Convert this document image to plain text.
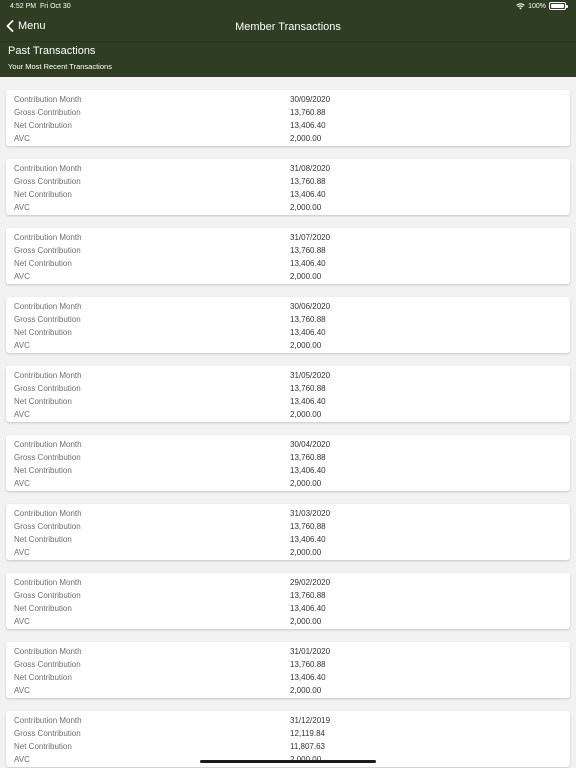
4:52 PM Fri Oct 30	100%
Menu	Member Transactions
Past Transactions
Your Most Recent Transactions
Contribution Month	30/09/2020
Gross Contribution	13,760.88
Net Contribution	13,406.40
AVC	2,000.00
Contribution Month	31/08/2020
Gross Contribution	13,760.88
Net Contribution	13,406.40
AVC	2,000.00
Contribution Month	31/07/2020
Gross Contribution	13,760.88
Net Contribution	13,406.40
AVC	2,000.00
Contribution Month	30/06/2020
Gross Contribution	13,760.88
Net Contribution	13,406.40
AVC	2,000.00
Contribution Month	31/05/2020
Gross Contribution	13,760.88
Net Contribution	13,406.40
AVC	2,000.00
Contribution Month	30/04/2020
Gross Contribution	13,760.88
Net Contribution	13,406.40
AVC	2,000.00
Contribution Month	31/03/2020
Gross Contribution	13,760.88
Net Contribution	13,406.40
AVC	2,000.00
Contribution Month	29/02/2020
Gross Contribution	13,760.88
Net Contribution	13,406.40
AVC	2,000.00
Contribution Month	31/01/2020
Gross Contribution	13,760.88
Net Contribution	13,406.40
AVC	2,000.00
Contribution Month	31/12/2019
Gross Contribution	12,119.84
Net Contribution	11,807.63
AVC
